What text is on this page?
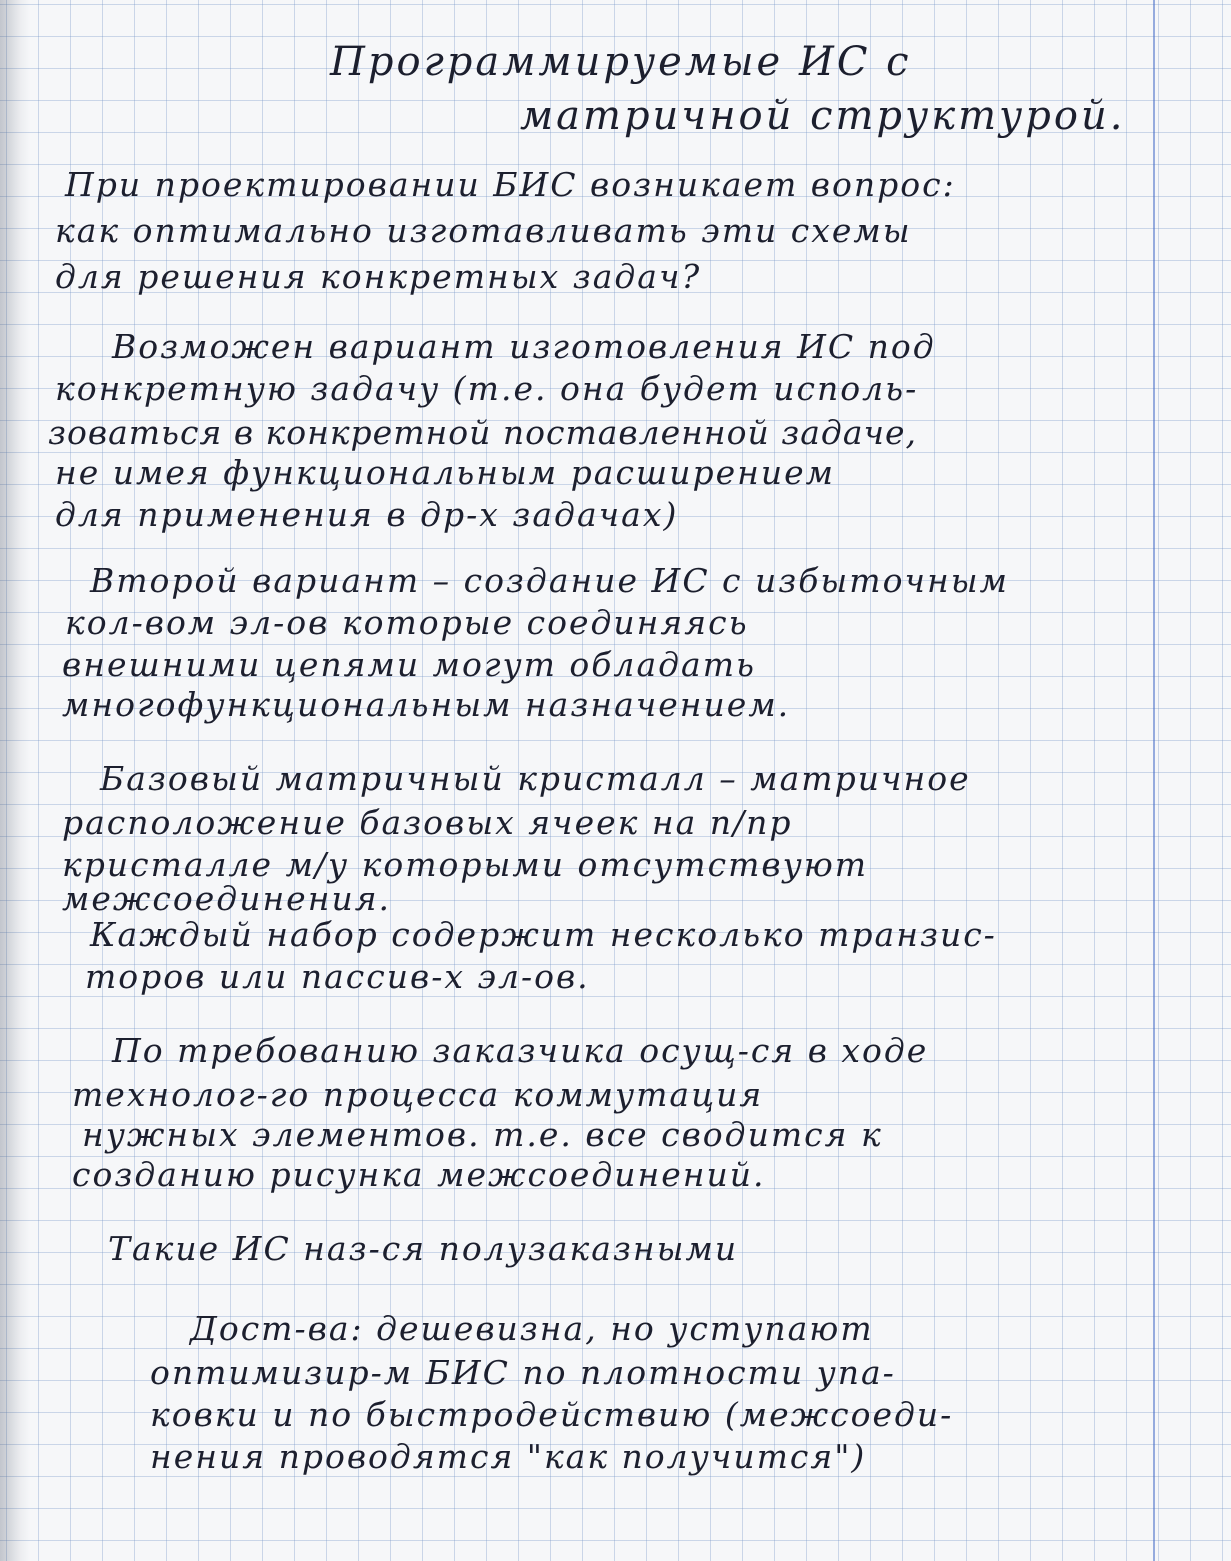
Программируемые ИС с
матричной структурой.
При проектировании БИС возникает вопрос:
как оптимально изготавливать эти схемы
для решения конкретных задач?
Возможен вариант изготовления ИС под
конкретную задачу (т.е. она будет исполь-
зоваться в конкретной поставленной задаче,
не имея функциональным расширением
для применения в др-х задачах)
Второй вариант – создание ИС с избыточным
кол-вом эл-ов которые соединяясь
внешними цепями могут обладать
многофункциональным назначением.
Базовый матричный кристалл – матричное
расположение базовых ячеек на п/пр
кристалле м/у которыми отсутствуют
межсоединения.
Каждый набор содержит несколько транзис-
торов или пассив-х эл-ов.
По требованию заказчика осущ-ся в ходе
технолог-го процесса коммутация
нужных элементов. т.е. все сводится к
созданию рисунка межсоединений.
Такие ИС наз-ся полузаказными
Дост-ва: дешевизна, но уступают
оптимизир-м БИС по плотности упа-
ковки и по быстродействию (межсоеди-
нения проводятся "как получится")
